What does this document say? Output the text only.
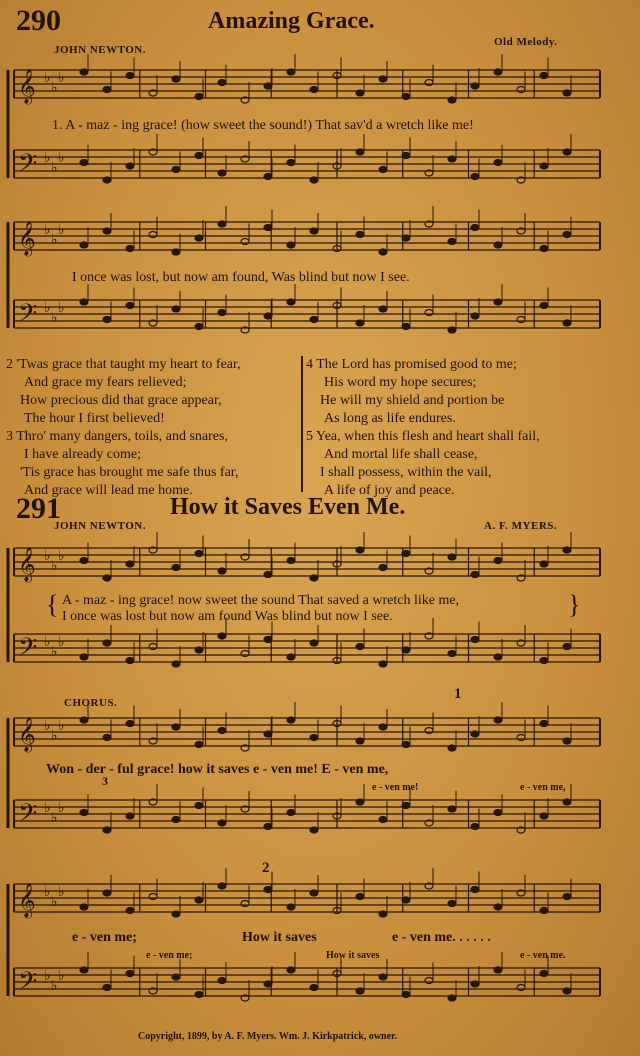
290	Amazing Grace.
JOHN NEWTON.
Old Melody.
𝄞 ♭
♭
♭
𝄢 ♭
♭
♭
𝄞 ♭
♭
♭
𝄢 ♭
♭
♭
𝄞 ♭
♭
♭
𝄢 ♭
♭
♭
𝄞 ♭
♭
♭
𝄢 ♭
♭
♭
𝄞 ♭
♭
♭
𝄢 ♭
♭
♭
1. A - maz - ing grace! (how sweet the sound!) That sav'd a wretch like me!
I once was lost, but now am found, Was blind but now I see.
2 'Twas grace that taught my heart to fear,
And grace my fears relieved;
How precious did that grace appear,
The hour I first believed!
3 Thro' many dangers, toils, and snares,
I have already come;
'Tis grace has brought me safe thus far,
And grace will lead me home.
4 The Lord has promised good to me;
His word my hope secures;
He will my shield and portion be
As long as life endures.
5 Yea, when this flesh and heart shall fail,
And mortal life shall cease,
I shall possess, within the vail,
A life of joy and peace.
291	How it Saves Even Me.
JOHN NEWTON.	A. F. MYERS.
{ A - maz - ing grace! now sweet the sound That saved a wretch like me,
I once was lost but now am found Was blind but now I see.	}
CHORUS.
Won - der - ful grace! how it saves e - ven me! E - ven me,
e - ven me!	e - ven me,
3
1
2
e - ven me;	How it saves	e - ven me. . . . . .
e - ven me;	How it saves	e - ven me.
Copyright, 1899, by A. F. Myers. Wm. J. Kirkpatrick, owner.
